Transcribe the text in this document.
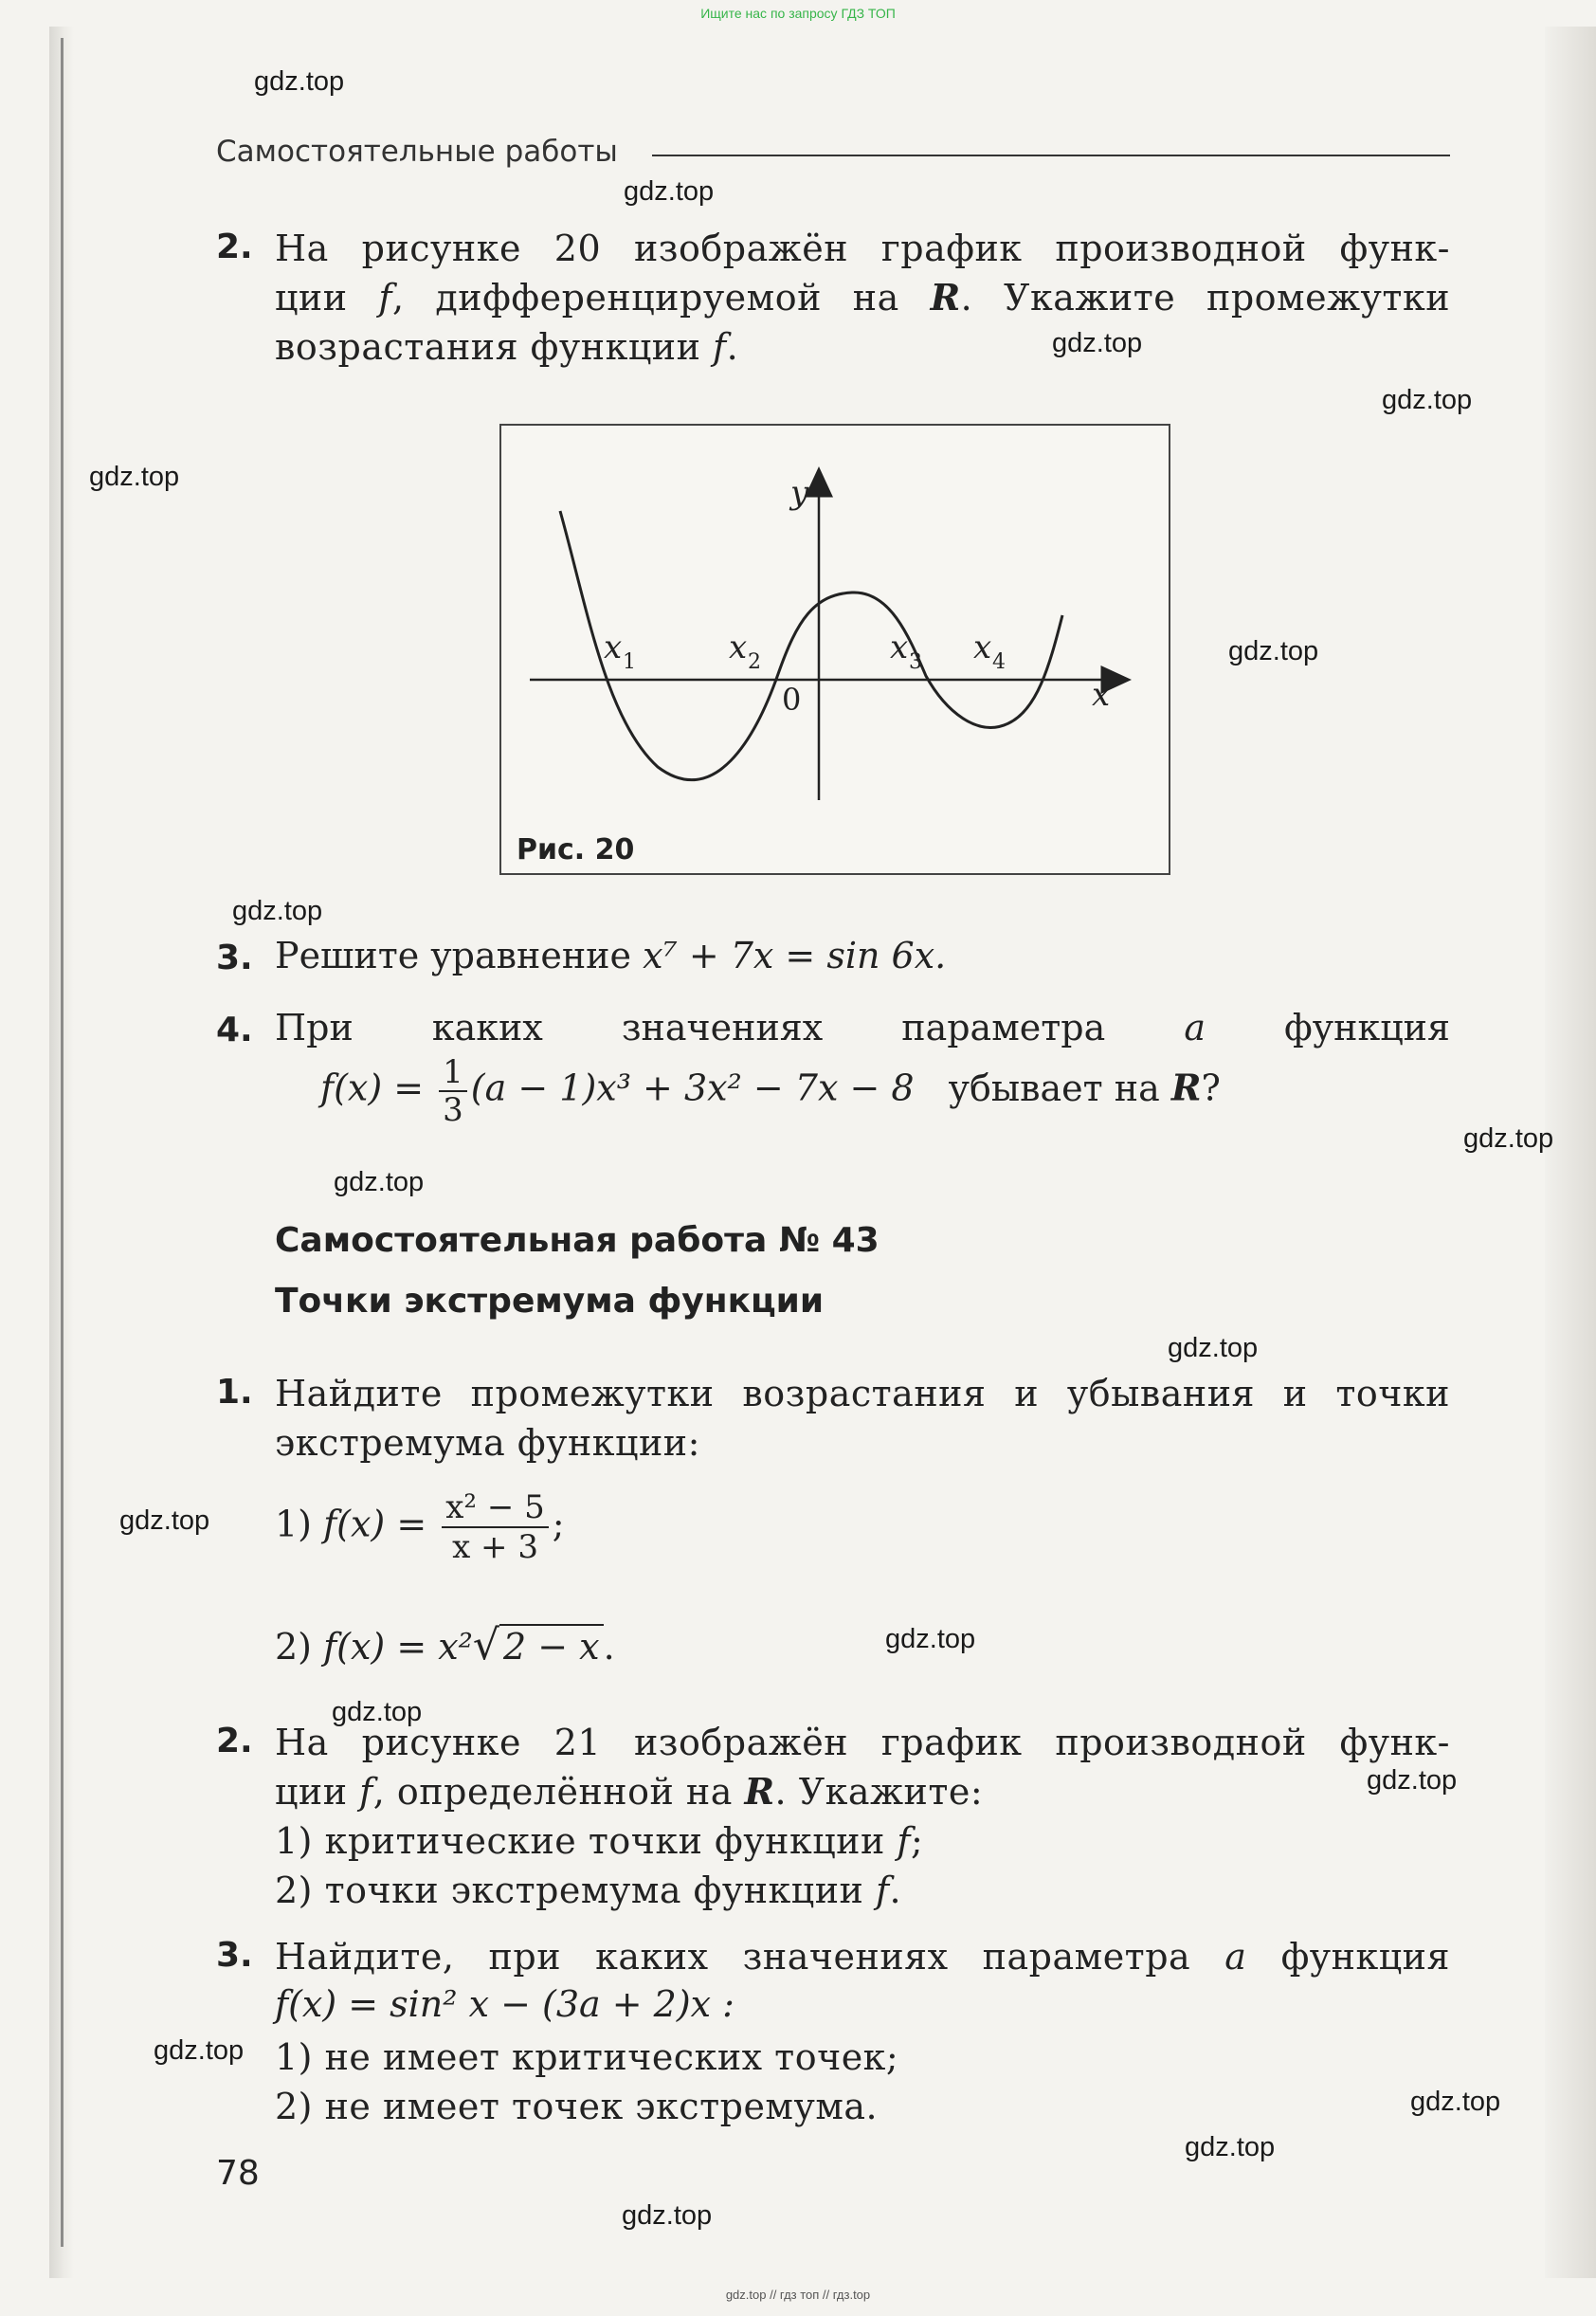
Ищите нас по запросу ГДЗ ТОП
gdz.top
gdz.top
gdz.top
gdz.top
gdz.top
gdz.top
gdz.top
gdz.top
gdz.top
gdz.top
gdz.top
gdz.top
gdz.top
gdz.top
gdz.top
gdz.top
gdz.top
gdz.top
Самостоятельные работы
2. На рисунке 20 изображён график производной функ-
ции f, дифференцируемой на R. Укажите промежутки
возрастания функции f.
y
x
0
x 1	x 2	x 3 x 4
Рис. 20
3. Решите уравнение x⁷ + 7x = sin 6x.
4. При каких значениях параметра a функция
$f(x) = \frac{1}{3} (a - 1)x^3 + 3x^2 - 7x - 8$ убывает на R?
Самостоятельная работа № 43
Точки экстремума функции
1. Найдите промежутки возрастания и убывания и точки
экстремума функции:
1) $f(x) = \frac{\text{x² − 5}}{x + 3}$ ;
2) f(x) = x²√ 2 − x .
2. На рисунке 21 изображён график производной функ-
ции f, определённой на R. Укажите:
1) критические точки функции f;
2) точки экстремума функции f.
3. Найдите, при каких значениях параметра a функция
f(x) = sin² x − (3a + 2)x :
1) не имеет критических точек;
2) не имеет точек экстремума.
78
gdz.top // гдз топ // гдз.top
